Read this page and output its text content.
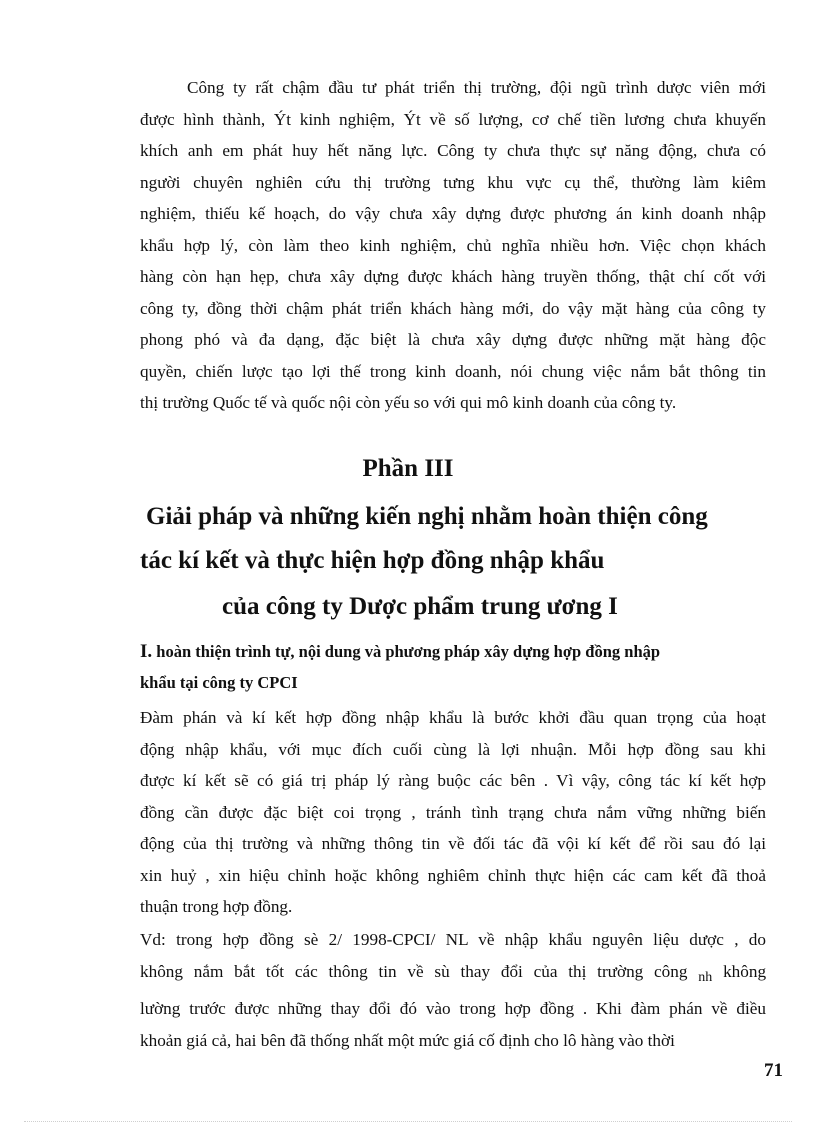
Công ty rất chậm đầu tư phát triển thị trường, đội ngũ trình dược viên mới
được hình thành, Ýt kinh nghiệm, Ýt về số lượng, cơ chế tiền lương chưa khuyến
khích anh em phát huy hết năng lực. Công ty chưa thực sự năng động, chưa có
người chuyên nghiên cứu thị trường tưng khu vực cụ thể, thường làm kiêm
nghiệm, thiếu kế hoạch, do vậy chưa xây dựng được phương án kinh doanh nhập
khẩu hợp lý, còn làm theo kinh nghiệm, chủ nghĩa nhiều hơn. Việc chọn khách
hàng còn hạn hẹp, chưa xây dựng được khách hàng truyền thống, thật chí cốt với
công ty, đồng thời chậm phát triển khách hàng mới, do vậy mặt hàng của công ty
phong phó và đa dạng, đặc biệt là chưa xây dựng được những mặt hàng độc
quyền, chiến lược tạo lợi thế trong kinh doanh, nói chung việc nắm bắt thông tin
thị trường Quốc tế và quốc nội còn yếu so với qui mô kinh doanh của công ty.
Phần III
Giải pháp và những kiến nghị nhằm hoàn thiện công
tác kí kết và thực hiện hợp đồng nhập khẩu
của công ty Dược phẩm trung ương I
I. hoàn thiện trình tự, nội dung và phương pháp xây dựng hợp đồng nhập
khẩu tại công ty CPCI
Đàm phán và kí kết hợp đồng nhập khẩu là bước khởi đầu quan trọng của hoạt
động nhập khẩu, với mục đích cuối cùng là lợi nhuận. Mỗi hợp đồng sau khi
được kí kết sẽ có giá trị pháp lý ràng buộc các bên . Vì vậy, công tác kí kết hợp
đồng cần được đặc biệt coi trọng , tránh tình trạng chưa nắm vững những biến
động của thị trường và những thông tin về đối tác đã vội kí kết để rồi sau đó lại
xin huỷ , xin hiệu chỉnh hoặc không nghiêm chỉnh thực hiện các cam kết đã thoả
thuận trong hợp đồng.
Vd: trong hợp đồng sè 2/ 1998-CPCI/ NL về nhập khẩu nguyên liệu dược , do
không nắm bắt tốt các thông tin về sù thay đổi của thị trường công $_{nh}$ không
lường trước được những thay đổi đó vào trong hợp đồng . Khi đàm phán về điều
khoản giá cả, hai bên đã thống nhất một mức giá cố định cho lô hàng vào thời
71
